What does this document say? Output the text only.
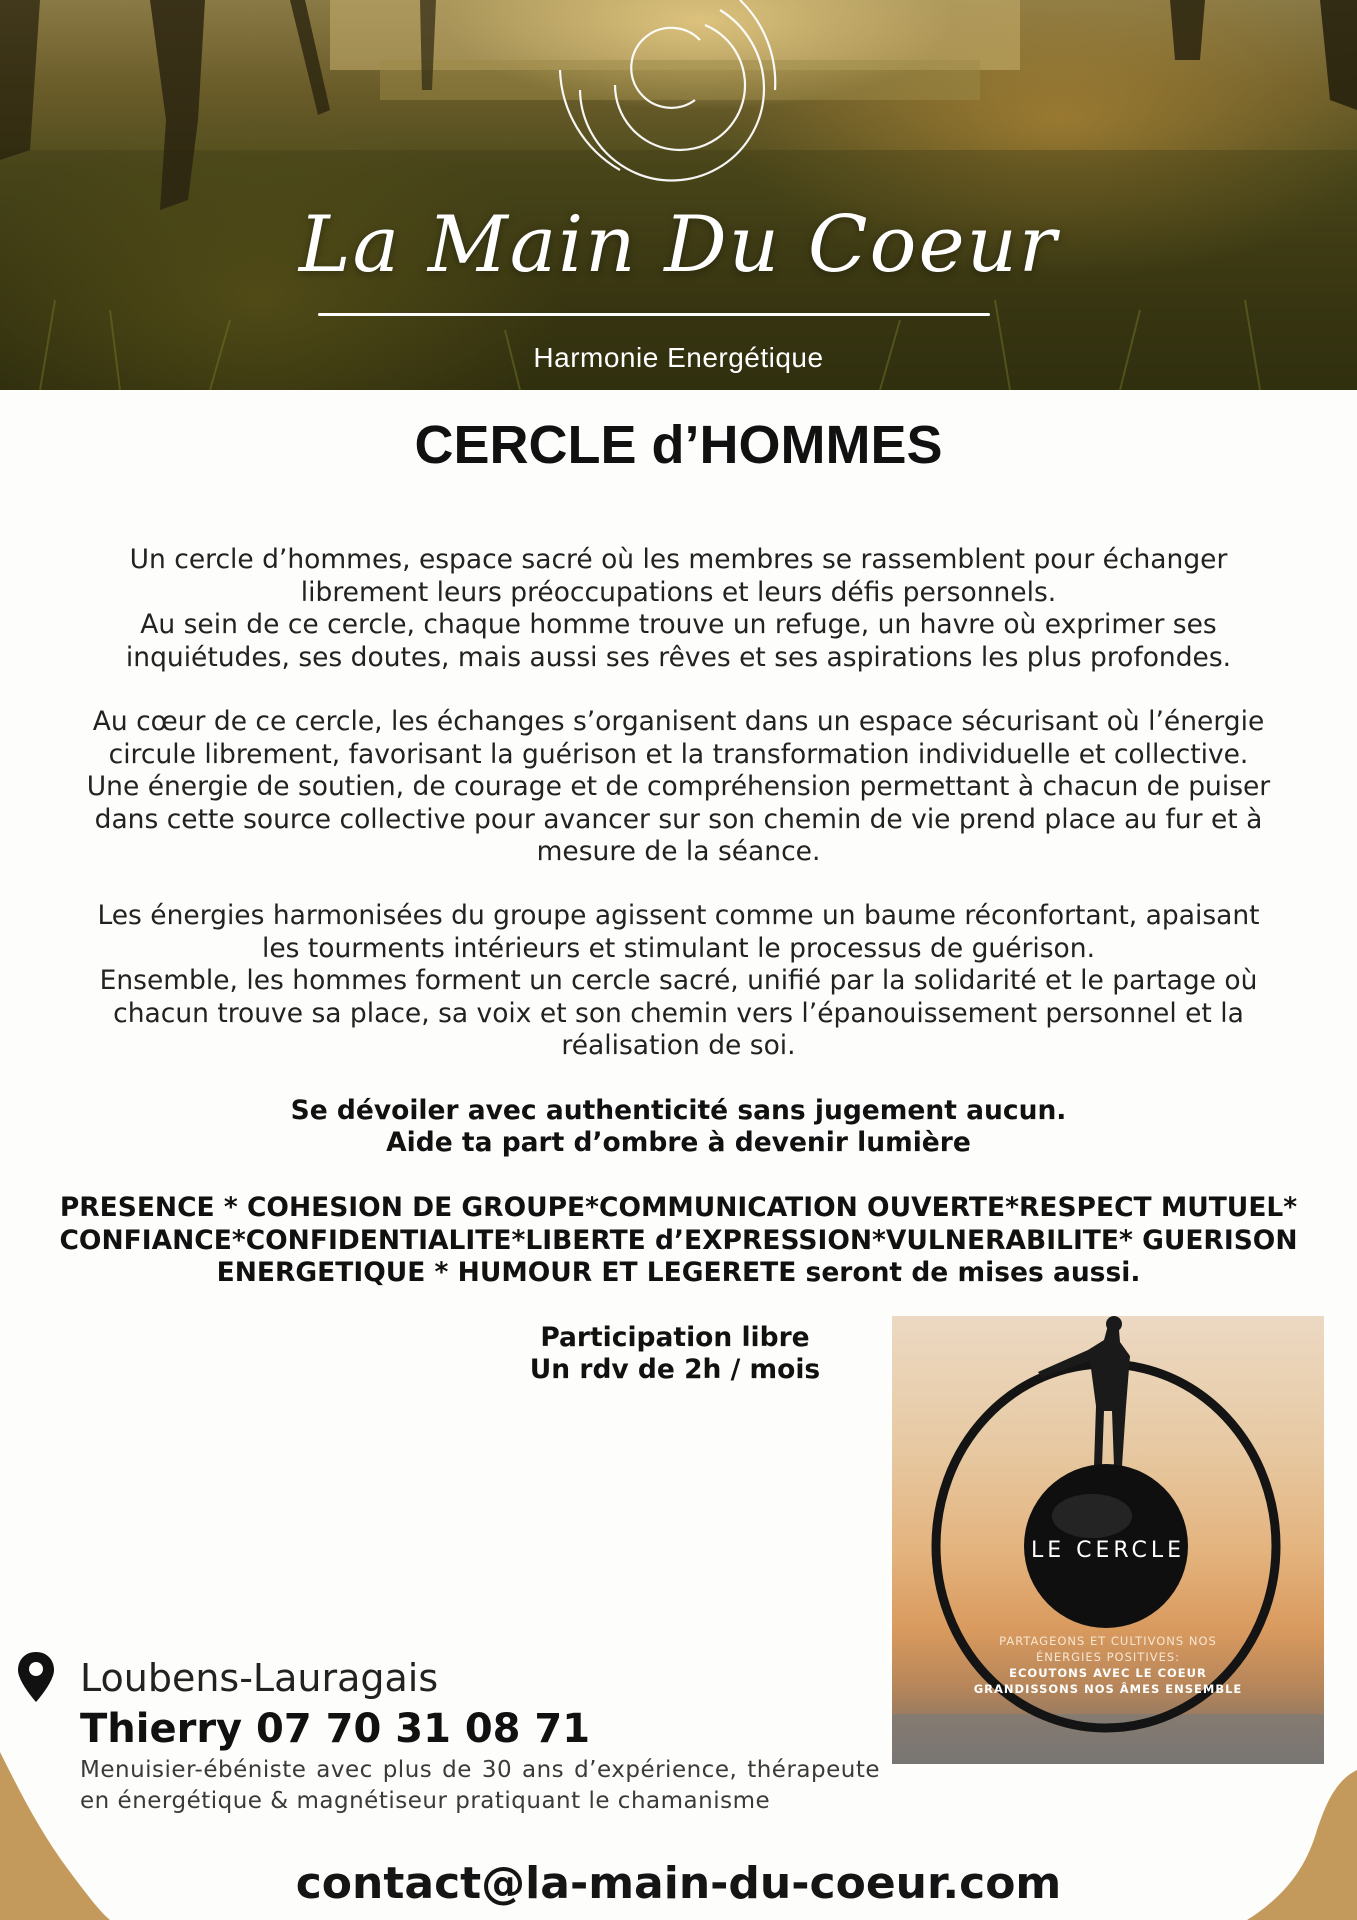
La Main Du Coeur
Harmonie Energétique
CERCLE d’HOMMES

Un cercle d’hommes, espace sacré où les membres se rassemblent pour échanger
librement leurs préoccupations et leurs défis personnels.
Au sein de ce cercle, chaque homme trouve un refuge, un havre où exprimer ses
inquiétudes, ses doutes, mais aussi ses rêves et ses aspirations les plus profondes.

Au cœur de ce cercle, les échanges s’organisent dans un espace sécurisant où l’énergie
circule librement, favorisant la guérison et la transformation individuelle et collective.
Une énergie de soutien, de courage et de compréhension permettant à chacun de puiser
dans cette source collective pour avancer sur son chemin de vie prend place au fur et à
mesure de la séance.

Les énergies harmonisées du groupe agissent comme un baume réconfortant, apaisant
les tourments intérieurs et stimulant le processus de guérison.
Ensemble, les hommes forment un cercle sacré, unifié par la solidarité et le partage où
chacun trouve sa place, sa voix et son chemin vers l’épanouissement personnel et la
réalisation de soi.

Se dévoiler avec authenticité sans jugement aucun.
Aide ta part d’ombre à devenir lumière

PRESENCE * COHESION DE GROUPE*COMMUNICATION OUVERTE*RESPECT MUTUEL*
CONFIANCE*CONFIDENTIALITE*LIBERTE d’EXPRESSION*VULNERABILITE* GUERISON
ENERGETIQUE * HUMOUR ET LEGERETE seront de mises aussi.

Participation libre
Un rdv de 2h / mois
LE CERCLE
PARTAGEONS ET CULTIVONS NOS
ÉNERGIES POSITIVES:
ECOUTONS AVEC LE COEUR
GRANDISSONS NOS ÂMES ENSEMBLE
Loubens-Lauragais
Thierry 07 70 31 08 71

Menuisier-ébéniste avec plus de 30 ans d’expérience, thérapeute en énergétique & magnétiseur pratiquant le chamanisme

contact@la-main-du-coeur.com
